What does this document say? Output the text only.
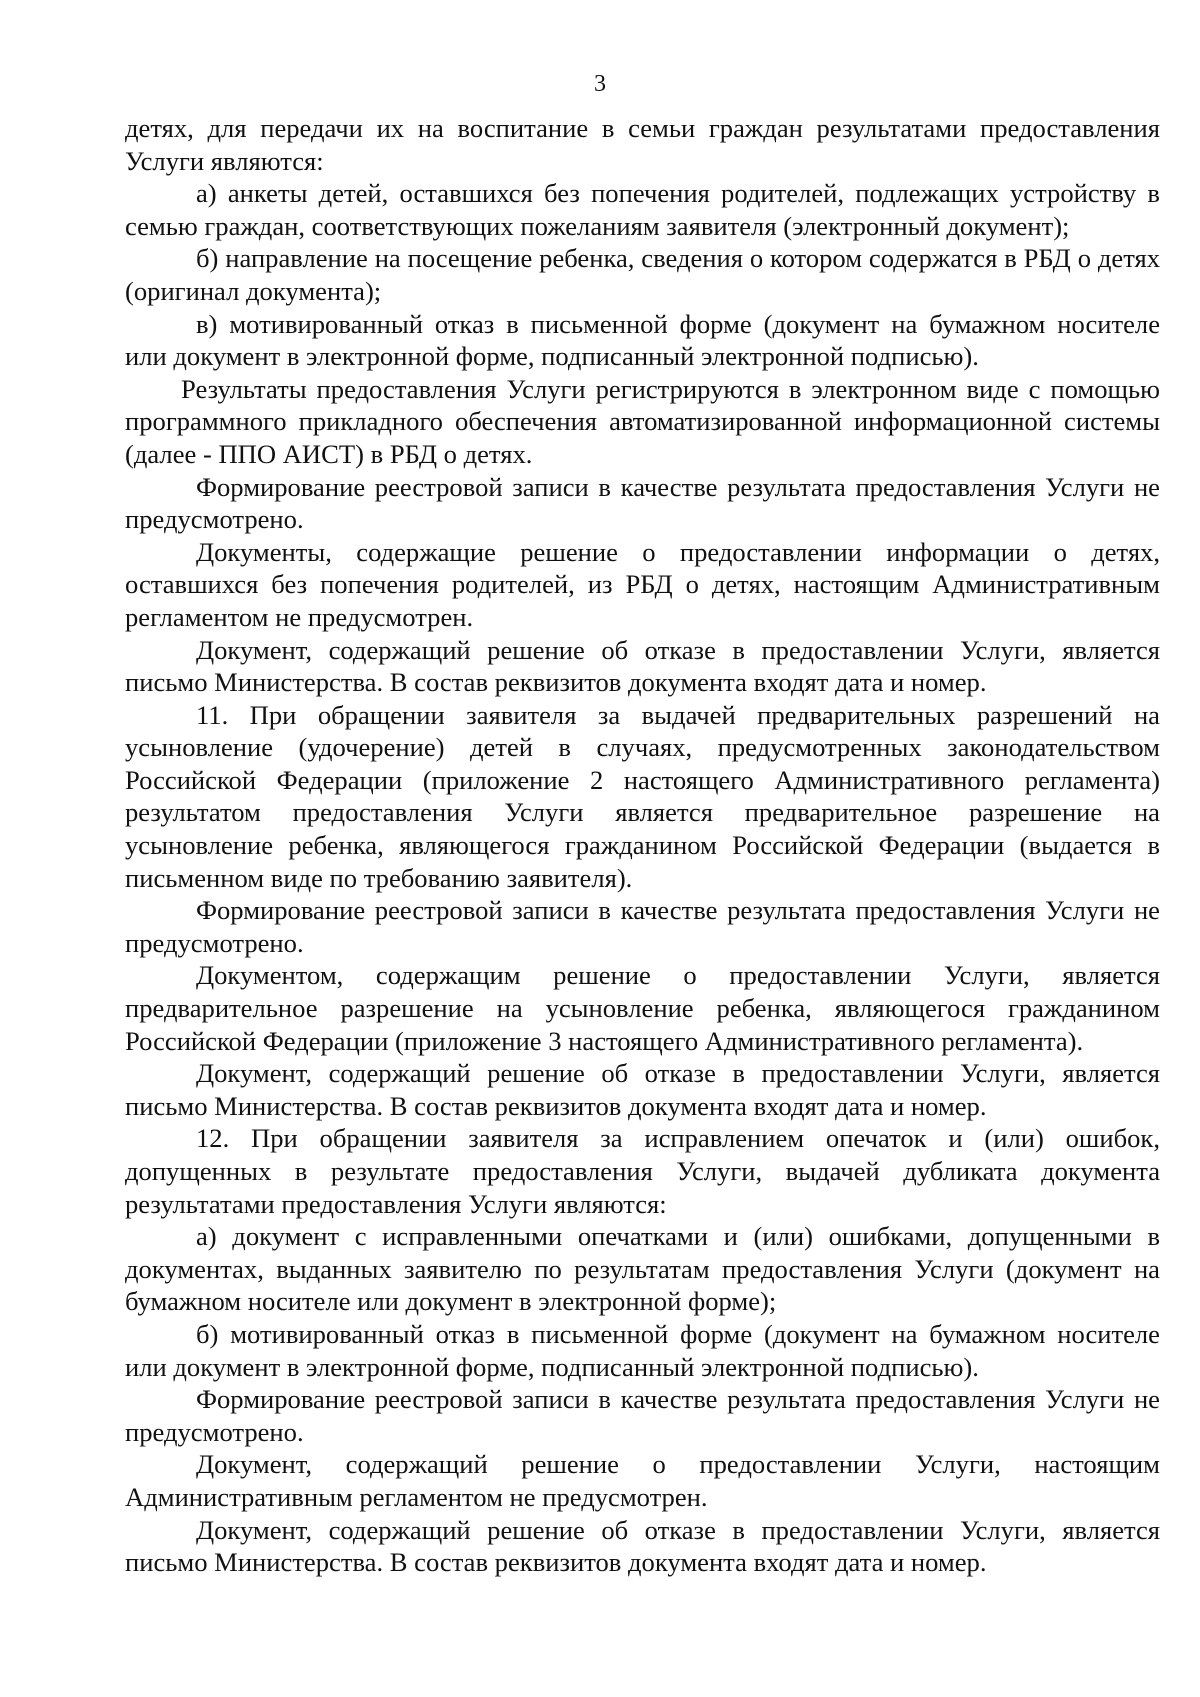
3

детях, для передачи их на воспитание в семьи граждан результатами предоставления Услуги являются:

а) анкеты детей, оставшихся без попечения родителей, подлежащих устройству в семью граждан, соответствующих пожеланиям заявителя (электронный документ);

б) направление на посещение ребенка, сведения о котором содержатся в РБД о детях (оригинал документа);

в) мотивированный отказ в письменной форме (документ на бумажном носителе или документ в электронной форме, подписанный электронной подписью).

Результаты предоставления Услуги регистрируются в электронном виде с помощью программного прикладного обеспечения автоматизированной информационной системы (далее - ППО АИСТ) в РБД о детях.

Формирование реестровой записи в качестве результата предоставления Услуги не предусмотрено.

Документы, содержащие решение о предоставлении информации о детях, оставшихся без попечения родителей, из РБД о детях, настоящим Административным регламентом не предусмотрен.

Документ, содержащий решение об отказе в предоставлении Услуги, является письмо Министерства. В состав реквизитов документа входят дата и номер.

11. При обращении заявителя за выдачей предварительных разрешений на усыновление (удочерение) детей в случаях, предусмотренных законодательством Российской Федерации (приложение 2 настоящего Административного регламента) результатом предоставления Услуги является предварительное разрешение на усыновление ребенка, являющегося гражданином Российской Федерации (выдается в письменном виде по требованию заявителя).

Формирование реестровой записи в качестве результата предоставления Услуги не предусмотрено.

Документом, содержащим решение о предоставлении Услуги, является предварительное разрешение на усыновление ребенка, являющегося гражданином Российской Федерации (приложение 3 настоящего Административного регламента).

Документ, содержащий решение об отказе в предоставлении Услуги, является письмо Министерства. В состав реквизитов документа входят дата и номер.

12. При обращении заявителя за исправлением опечаток и (или) ошибок, допущенных в результате предоставления Услуги, выдачей дубликата документа результатами предоставления Услуги являются:

а) документ с исправленными опечатками и (или) ошибками, допущенными в документах, выданных заявителю по результатам предоставления Услуги (документ на бумажном носителе или документ в электронной форме);

б) мотивированный отказ в письменной форме (документ на бумажном носителе или документ в электронной форме, подписанный электронной подписью).

Формирование реестровой записи в качестве результата предоставления Услуги не предусмотрено.

Документ, содержащий решение о предоставлении Услуги, настоящим Административным регламентом не предусмотрен.

Документ, содержащий решение об отказе в предоставлении Услуги, является письмо Министерства. В состав реквизитов документа входят дата и номер.
